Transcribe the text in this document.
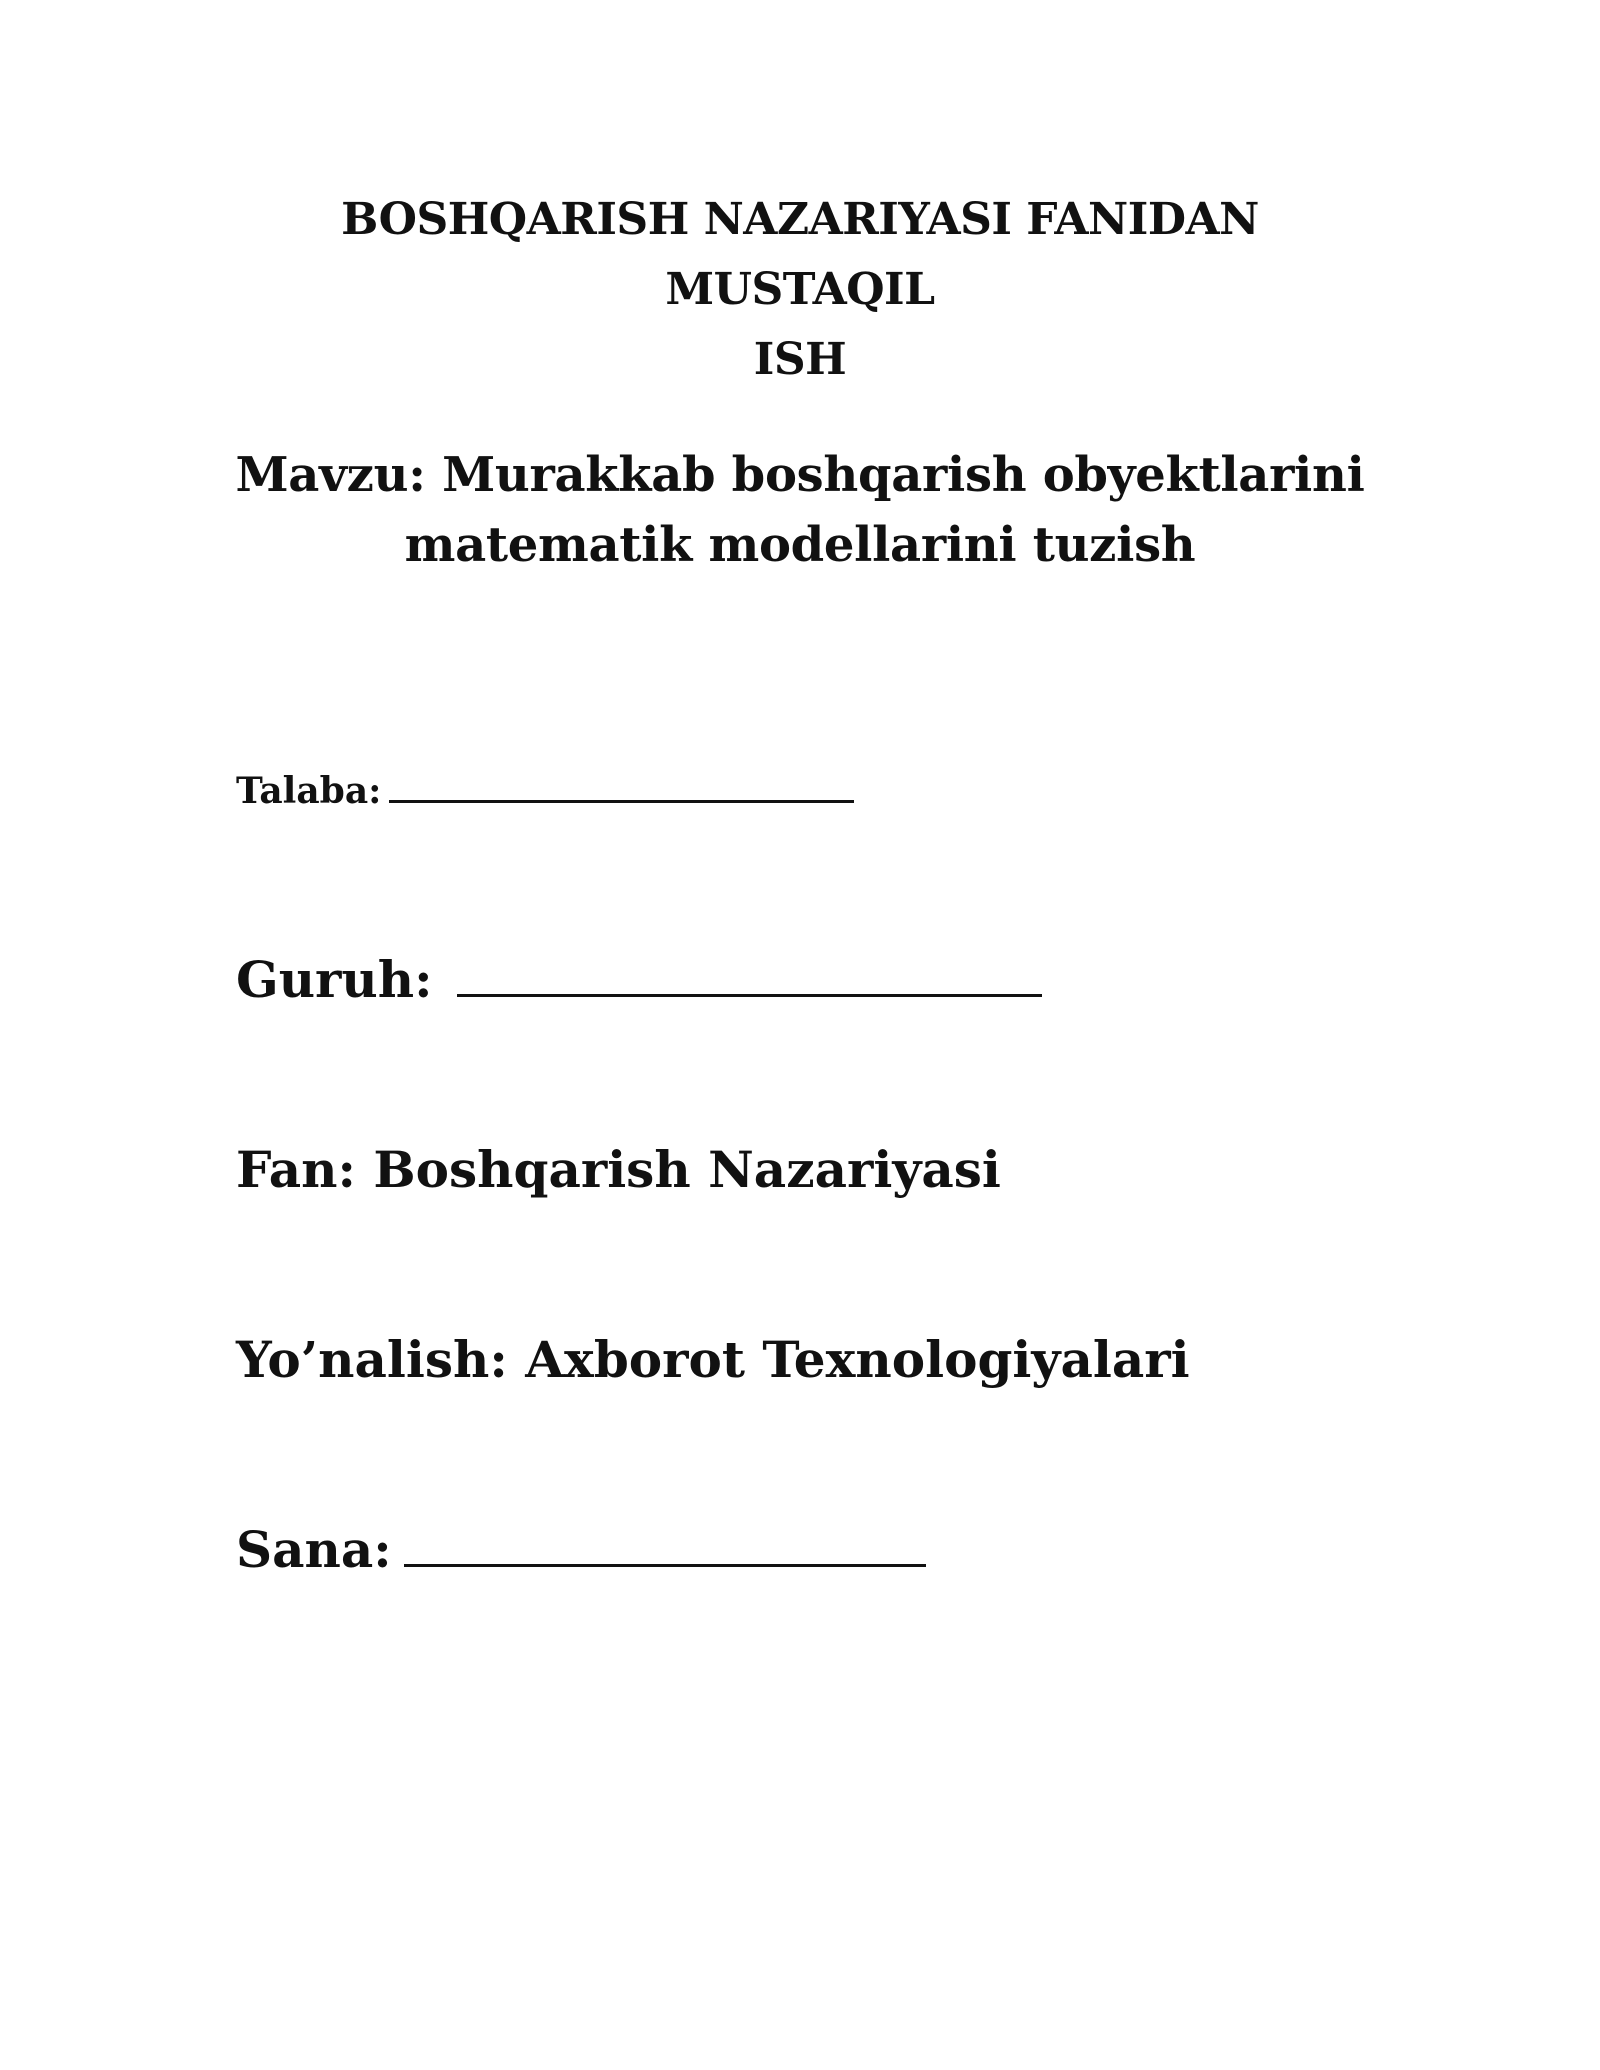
BOSHQARISH NAZARIYASI FANIDAN MUSTAQIL
ISH
Mavzu: Murakkab boshqarish obyektlarini
matematik modellarini tuzish
Talaba:
Guruh:
Fan: Boshqarish Nazariyasi
Yo’nalish: Axborot Texnologiyalari
Sana:
